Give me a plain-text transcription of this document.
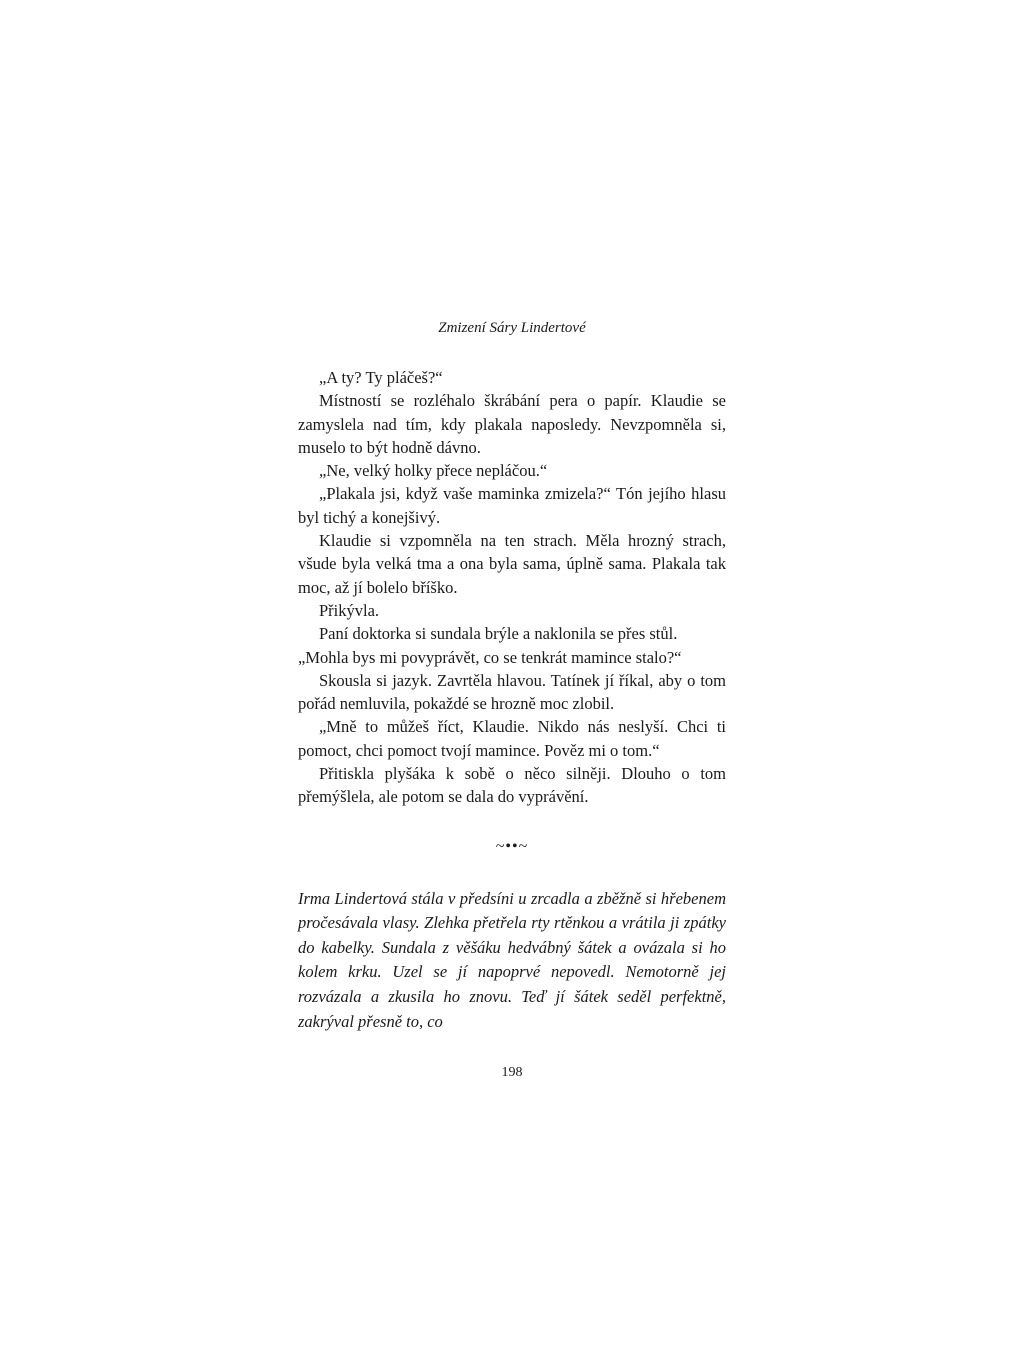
Zmizení Sáry Lindertové

„A ty? Ty pláčeš?“

Místností se rozléhalo škrábání pera o papír. Klaudie se zamyslela nad tím, kdy plakala naposledy. Nevzpomněla si, muselo to být hodně dávno.

„Ne, velký holky přece nepláčou.“

„Plakala jsi, když vaše maminka zmizela?“ Tón jejího hlasu byl tichý a konejšivý.

Klaudie si vzpomněla na ten strach. Měla hrozný strach, všude byla velká tma a ona byla sama, úplně sama. Plakala tak moc, až jí bolelo bříško.

Přikývla.

Paní doktorka si sundala brýle a naklonila se přes stůl.

„Mohla bys mi povyprávět, co se tenkrát mamince stalo?“

Skousla si jazyk. Zavrtěla hlavou. Tatínek jí říkal, aby o tom pořád nemluvila, pokaždé se hrozně moc zlobil.

„Mně to můžeš říct, Klaudie. Nikdo nás neslyší. Chci ti pomoct, chci pomoct tvojí mamince. Pověz mi o tom.“

Přitiskla plyšáka k sobě o něco silněji. Dlouho o tom přemýšlela, ale potom se dala do vyprávění.

~••~

Irma Lindertová stála v předsíni u zrcadla a zběžně si hřebenem pročesávala vlasy. Zlehka přetřela rty rtěnkou a vrátila ji zpátky do kabelky. Sundala z věšáku hedvábný šátek a ovázala si ho kolem krku. Uzel se jí napoprvé nepovedl. Nemotorně jej rozvázala a zkusila ho znovu. Teď jí šátek seděl perfektně, zakrýval přesně to, co

198
